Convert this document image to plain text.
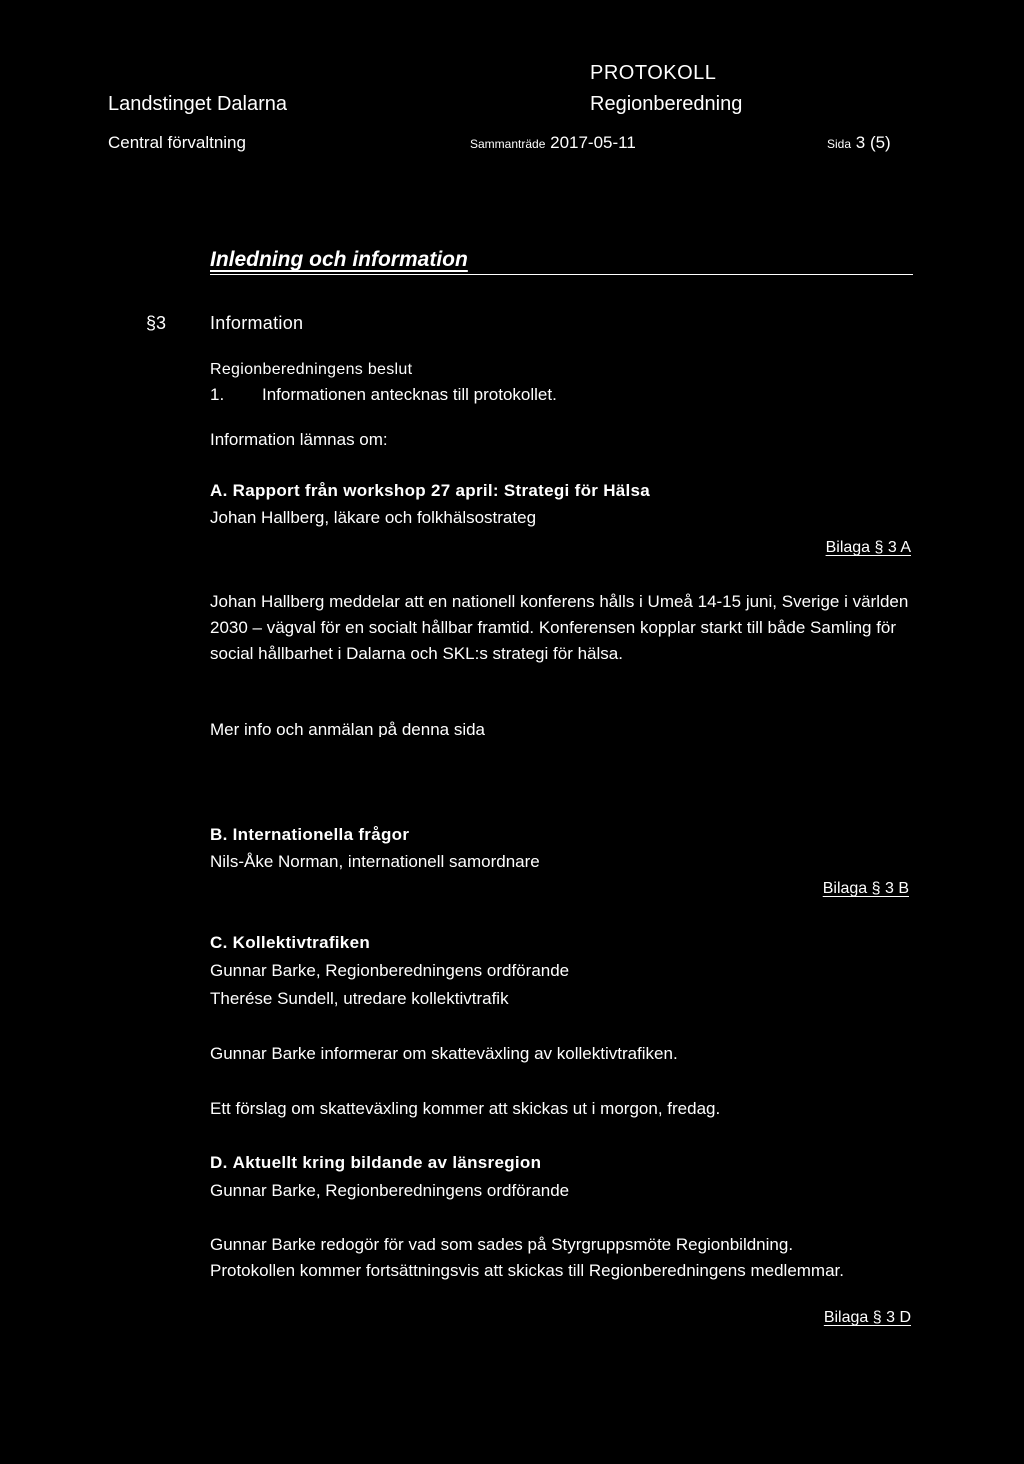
Landstinget Dalarna
Central förvaltning
PROTOKOLL
Regionberedning
Sammanträde 2017-05-11	Sida 3 (5)
Inledning och information
§3 Information
Regionberedningens beslut
1. Informationen antecknas till protokollet.
Information lämnas om:
A. Rapport från workshop 27 april: Strategi för Hälsa
Johan Hallberg, läkare och folkhälsostrateg
Bilaga § 3 A
Johan Hallberg meddelar att en nationell konferens hålls i Umeå 14-15 juni, Sverige i världen 2030 – vägval för en socialt hållbar framtid. Konferensen kopplar starkt till både Samling för social hållbarhet i Dalarna och SKL:s strategi för hälsa.
Mer info och anmälan på denna sida
B. Internationella frågor
Nils-Åke Norman, internationell samordnare
Bilaga § 3 B
C. Kollektivtrafiken
Gunnar Barke, Regionberedningens ordförande
Therése Sundell, utredare kollektivtrafik
Gunnar Barke informerar om skatteväxling av kollektivtrafiken.
Ett förslag om skatteväxling kommer att skickas ut i morgon, fredag.
D. Aktuellt kring bildande av länsregion
Gunnar Barke, Regionberedningens ordförande
Gunnar Barke redogör för vad som sades på Styrgruppsmöte Regionbildning. Protokollen kommer fortsättningsvis att skickas till Regionberedningens medlemmar.
Bilaga § 3 D
